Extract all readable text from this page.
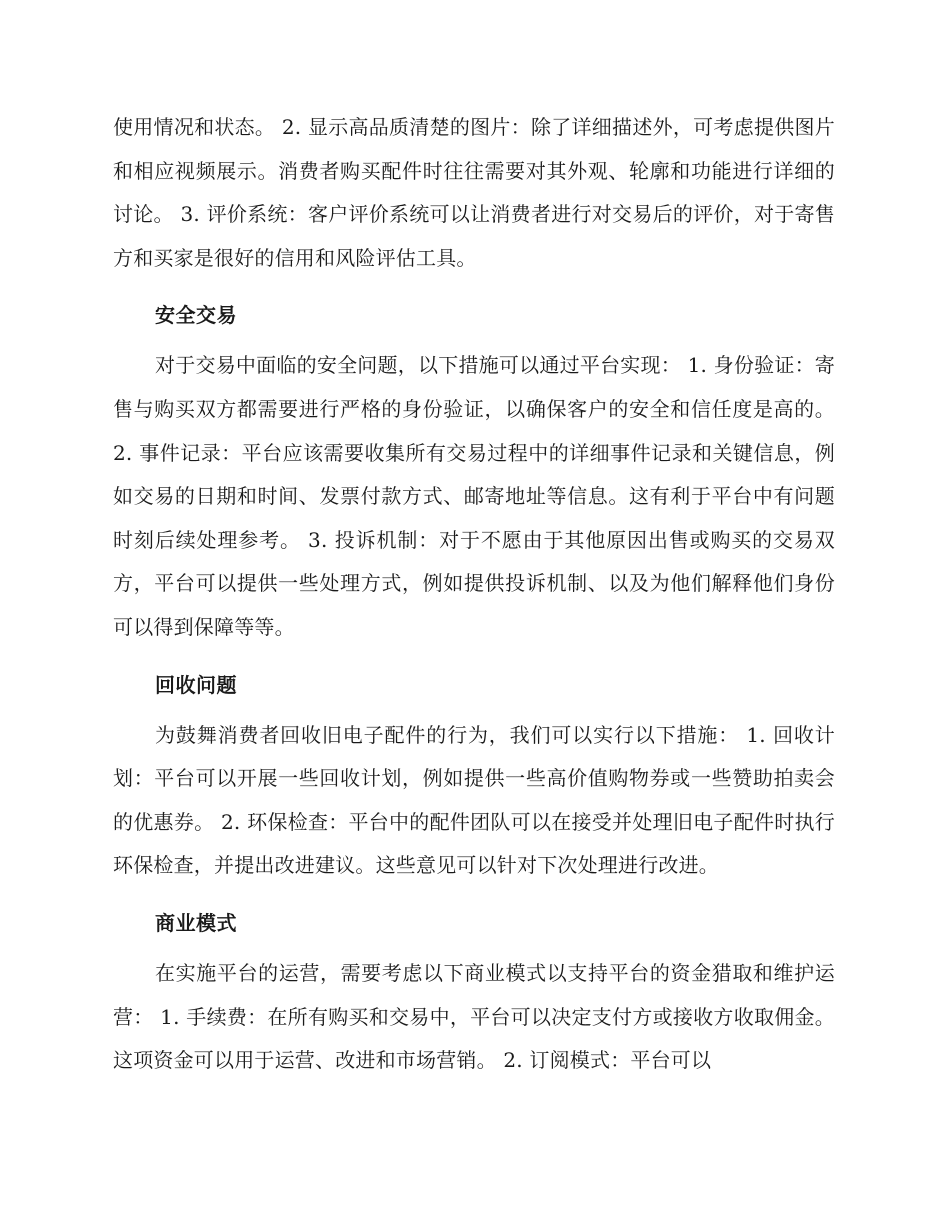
使用情况和状态。 2. 显示高品质清楚的图片：除了详细描述外，可考虑提供图片和相应视频展示。消费者购买配件时往往需要对其外观、轮廓和功能进行详细的讨论。 3. 评价系统：客户评价系统可以让消费者进行对交易后的评价，对于寄售方和买家是很好的信用和风险评估工具。

安全交易

对于交易中面临的安全问题，以下措施可以通过平台实现： 1. 身份验证：寄售与购买双方都需要进行严格的身份验证，以确保客户的安全和信任度是高的。 2. 事件记录：平台应该需要收集所有交易过程中的详细事件记录和关键信息，例如交易的日期和时间、发票付款方式、邮寄地址等信息。这有利于平台中有问题时刻后续处理参考。 3. 投诉机制：对于不愿由于其他原因出售或购买的交易双方，平台可以提供一些处理方式，例如提供投诉机制、以及为他们解释他们身份可以得到保障等等。

回收问题

为鼓舞消费者回收旧电子配件的行为，我们可以实行以下措施： 1. 回收计划：平台可以开展一些回收计划，例如提供一些高价值购物券或一些赞助拍卖会的优惠券。 2. 环保检查：平台中的配件团队可以在接受并处理旧电子配件时执行环保检查，并提出改进建议。这些意见可以针对下次处理进行改进。

商业模式

在实施平台的运营，需要考虑以下商业模式以支持平台的资金猎取和维护运营： 1. 手续费：在所有购买和交易中，平台可以决定支付方或接收方收取佣金。这项资金可以用于运营、改进和市场营销。 2. 订阅模式：平台可以
